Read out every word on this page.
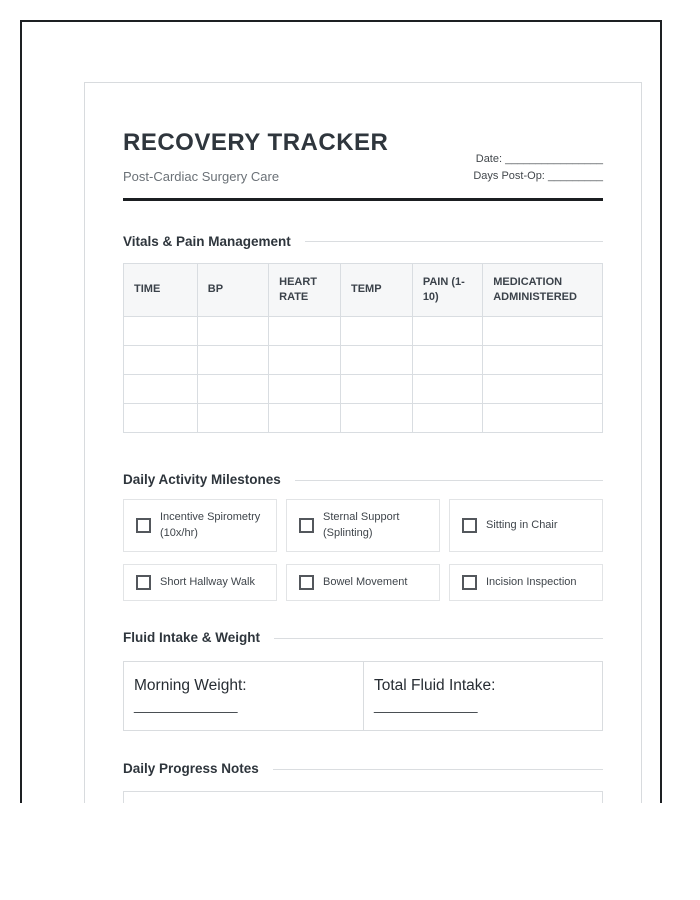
RECOVERY TRACKER
Post-Cardiac Surgery Care
Date: ________________
Days Post-Op: _________
Vitals & Pain Management
TIME	BP	HEART RATE	TEMP	PAIN (1-10)	MEDICATION ADMINISTERED

Daily Activity Milestones
Incentive Spirometry (10x/hr)
Sternal Support (Splinting)
Sitting in Chair
Short Hallway Walk	Bowel Movement	Incision Inspection
Fluid Intake & Weight
Morning Weight:
____________
Total Fluid Intake:
____________
Daily Progress Notes
